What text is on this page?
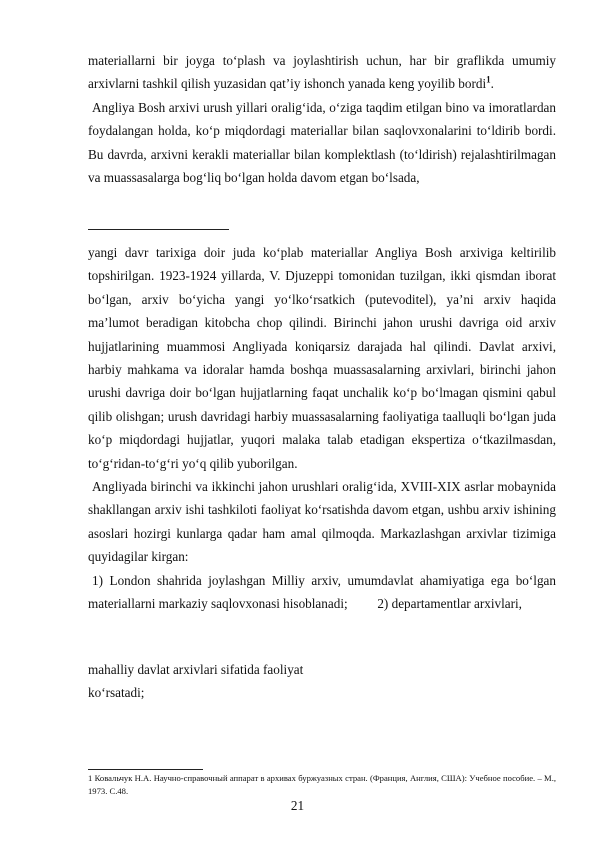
materiallarni bir joyga to‘plash va joylashtirish uchun, har bir graflikda umumiy arxivlarni tashkil qilish yuzasidan qat’iy ishonch yanada keng yoyilib bordi$^1$.

Angliya Bosh arxivi urush yillari oralig‘ida, o‘ziga taqdim etilgan bino va imoratlardan foydalangan holda, ko‘p miqdordagi materiallar bilan saqlovxonalarini to‘ldirib bordi. Bu davrda, arxivni kerakli materiallar bilan komplektlash (to‘ldirish) rejalashtirilmagan va muassasalarga bog‘liq bo‘lgan holda davom etgan bo‘lsada,

yangi davr tarixiga doir juda ko‘plab materiallar Angliya Bosh arxiviga keltirilib topshirilgan. 1923-1924 yillarda, V. Djuzeppi tomonidan tuzilgan, ikki qismdan iborat bo‘lgan, arxiv bo‘yicha yangi yo‘lko‘rsatkich (putevoditel), ya’ni arxiv haqida ma’lumot beradigan kitobcha chop qilindi. Birinchi jahon urushi davriga oid arxiv hujjatlarining muammosi Angliyada koniqarsiz darajada hal qilindi. Davlat arxivi, harbiy mahkama va idoralar hamda boshqa muassasalarning arxivlari, birinchi jahon urushi davriga doir bo‘lgan hujjatlarning faqat unchalik ko‘p bo‘lmagan qismini qabul qilib olishgan; urush davridagi harbiy muassasalarning faoliyatiga taalluqli bo‘lgan juda ko‘p miqdordagi hujjatlar, yuqori malaka talab etadigan ekspertiza o‘tkazilmasdan, to‘g‘ridan-to‘g‘ri yo‘q qilib yuborilgan.

Angliyada birinchi va ikkinchi jahon urushlari oralig‘ida, XVIII-XIX asrlar mobaynida shakllangan arxiv ishi tashkiloti faoliyat ko‘rsatishda davom etgan, ushbu arxiv ishining asoslari hozirgi kunlarga qadar ham amal qilmoqda. Markazlashgan arxivlar tizimiga quyidagilar kirgan:

1) London shahrida joylashgan Milliy arxiv, umumdavlat ahamiyatiga ega bo‘lgan materiallarni markaziy saqlovxonasi hisoblanadi; 2) departamentlar arxivlari,

mahalliy davlat arxivlari sifatida faoliyat

ko‘rsatadi;

1 Ковальчук Н.А. Научно-справочный аппарат в архивах буржуазных стран. (Франция, Англия, США): Учебное пособие. – М., 1973. С.48.
21
